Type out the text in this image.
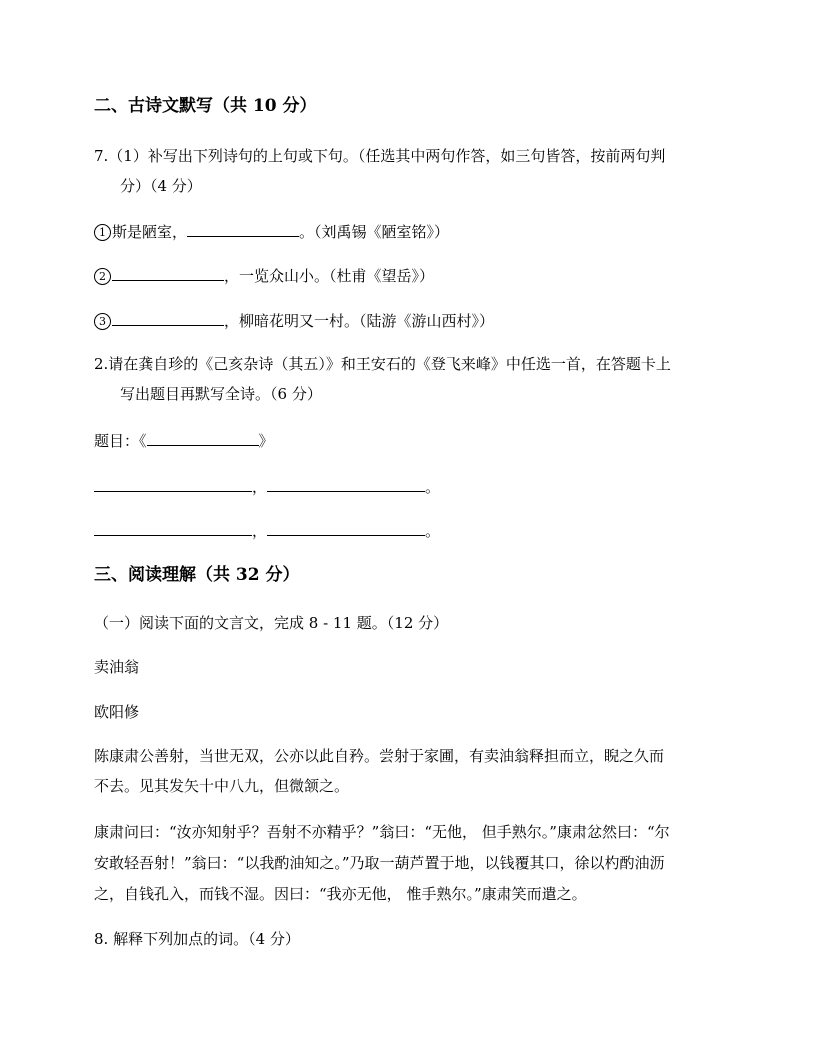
二、古诗文默写（共 10 分）
7.（1）补写出下列诗句的上句或下句。（任选其中两句作答，如三句皆答，按前两句判
分）（4 分）
1 斯是陋室，	。（刘禹锡《陋室铭》）
2	，一览众山小。（杜甫《望岳》）
3	，柳暗花明又一村。（陆游《游山西村》）
2.请在龚自珍的《己亥杂诗（其五）》和王安石的《登飞来峰》中任选一首，在答题卡上
写出题目再默写全诗。（6 分）
题目：《	》
，	。
，	。
三、阅读理解（共 32 分）
（一）阅读下面的文言文，完成 8 - 11 题。（12 分）
卖油翁
欧阳修
陈康肃公善射，当世无双，公亦以此自矜。尝射于家圃，有卖油翁释担而立，睨之久而
不去。见其发矢十中八九，但微颔之。
康肃问曰：“汝亦知射乎？吾射不亦精乎？”翁曰：“无他， 但手熟尔。”康肃忿然曰：“尔
安敢轻吾射！”翁曰：“以我酌油知之。”乃取一葫芦置于地，以钱覆其口，徐以杓酌油沥
之，自钱孔入，而钱不湿。因曰：“我亦无他， 惟手熟尔。”康肃笑而遣之。
8. 解释下列加点的词。（4 分）
